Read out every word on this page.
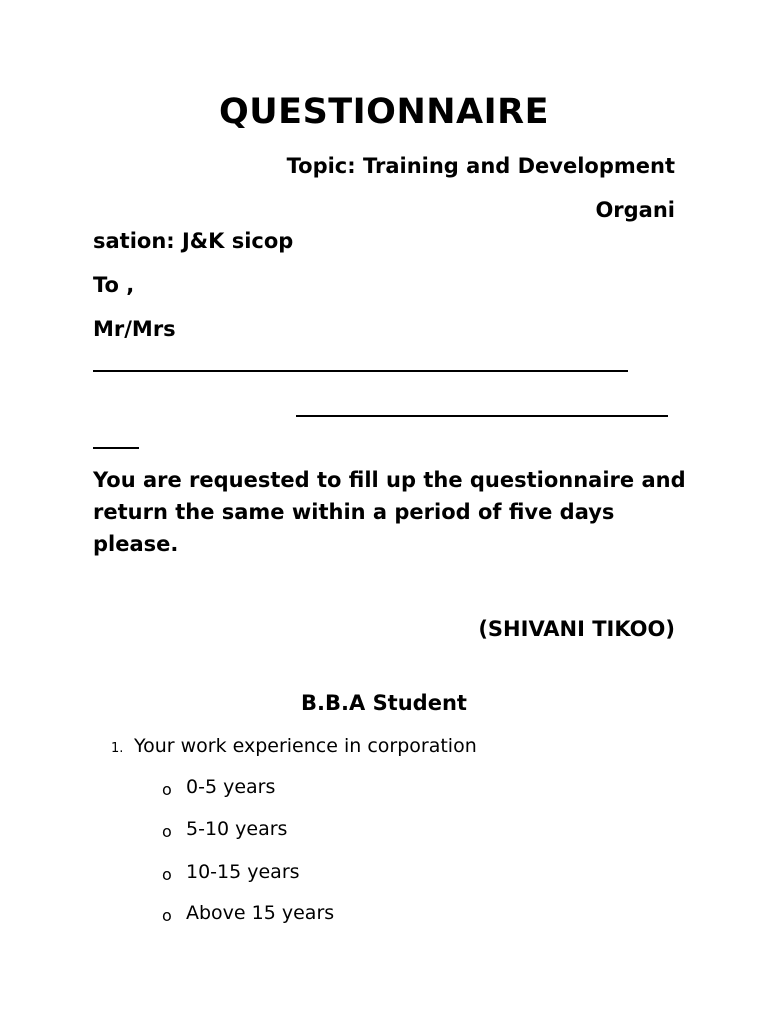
QUESTIONNAIRE
Topic: Training and Development
Organi
sation: J&K sicop
To ,
Mr/Mrs
You are requested to fill up the questionnaire and return the same within a period of five days please.
(SHIVANI TIKOO)
B.B.A Student
1. Your work experience in corporation
o 0-5 years
o 5-10 years
o 10-15 years
o Above 15 years
